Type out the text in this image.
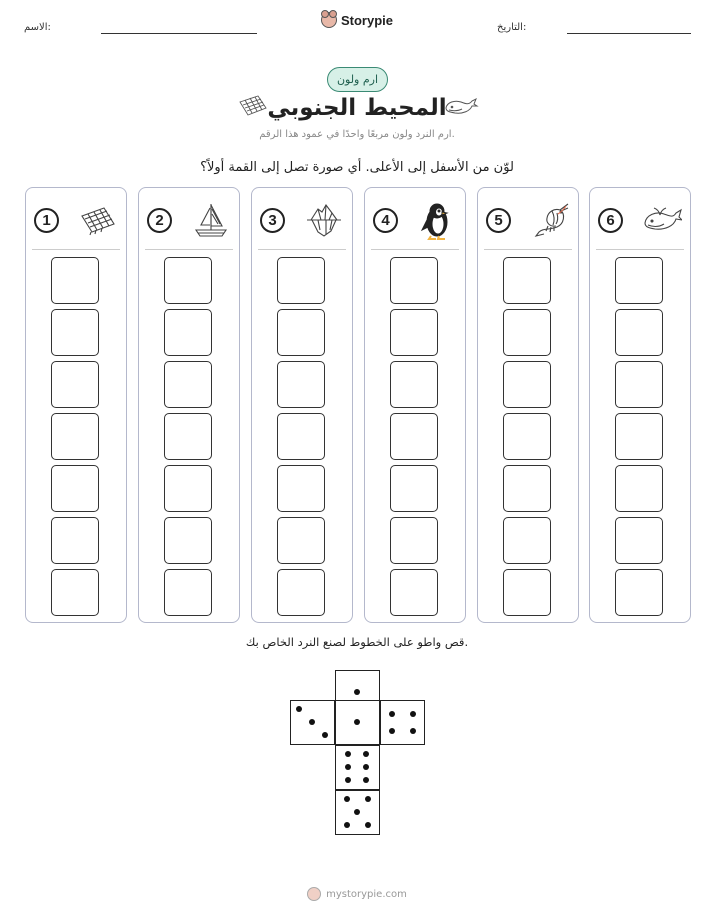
الاسم:	Storypie	التاريخ:
ارم ولون
المحيط الجنوبي
ارم النرد ولون مربعًا واحدًا في عمود هذا الرقم.
لوّن من الأسفل إلى الأعلى. أي صورة تصل إلى القمة أولاً؟
1	2	3	4	5	6
قص واطو على الخطوط لصنع النرد الخاص بك.
mystorypie.com
